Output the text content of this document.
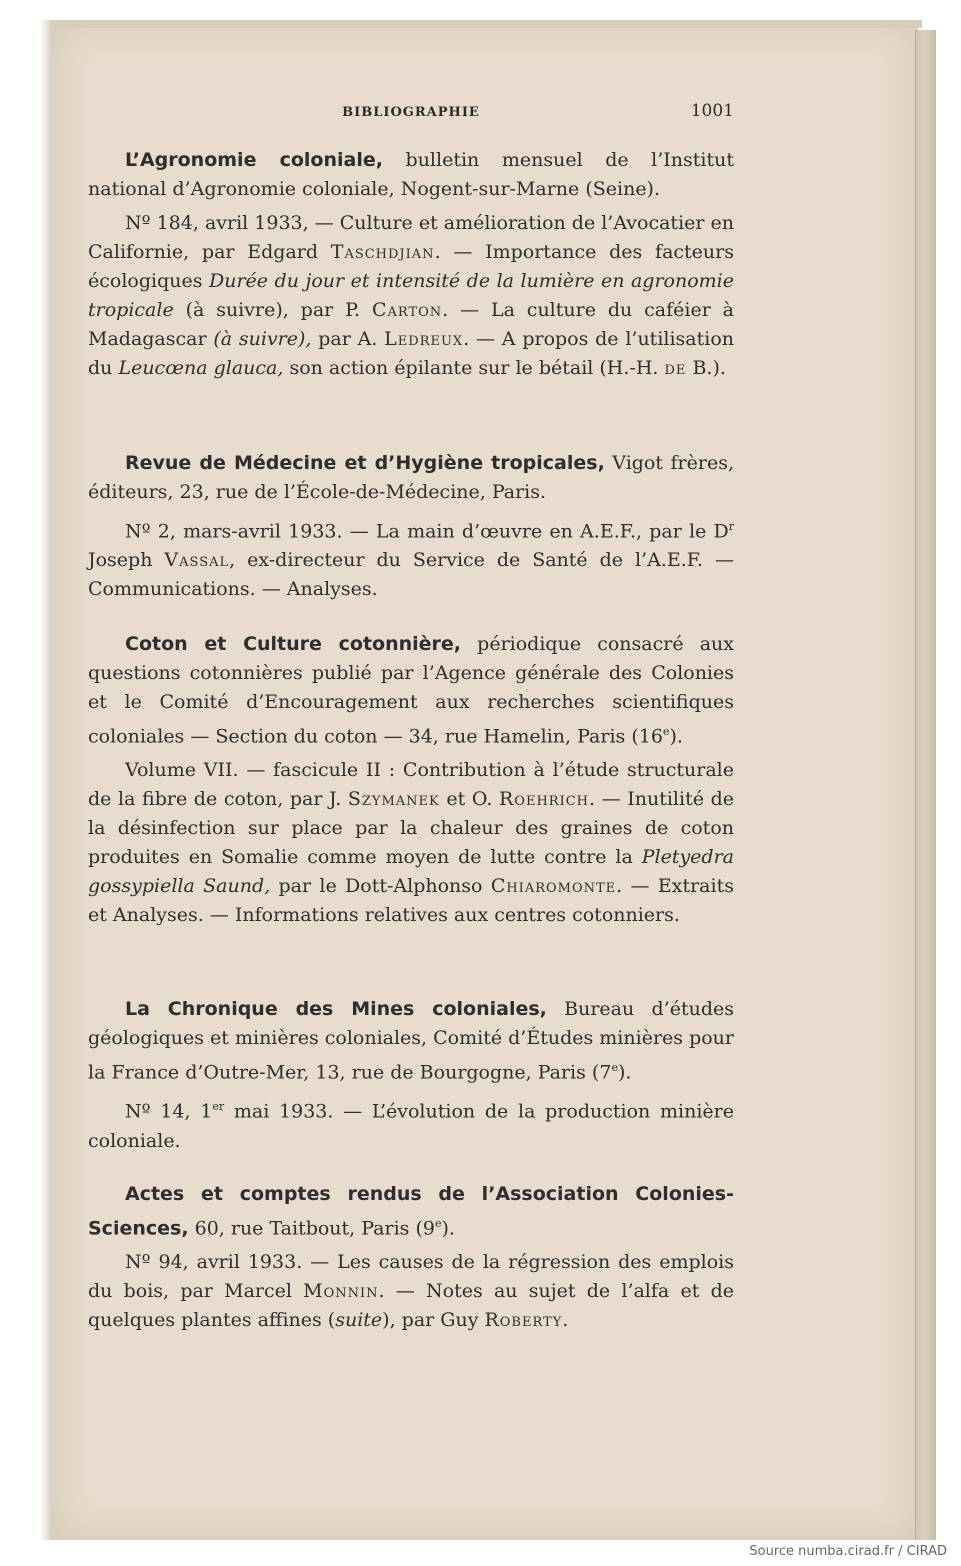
BIBLIOGRAPHIE	1001

L’Agronomie coloniale, bulletin mensuel de l’Institut national d’Agronomie coloniale, Nogent-sur-Marne (Seine).

Nº 184, avril 1933, — Culture et amélioration de l’Avocatier en Californie, par Edgard Taschdjian. — Importance des facteurs écologiques Durée du jour et intensité de la lumière en agronomie tropicale (à suivre), par P. Carton. — La culture du caféier à Madagascar (à suivre), par A. Ledreux. — A propos de l’utilisation du Leucœna glauca, son action épilante sur le bétail (H.-H. de B.).

Revue de Médecine et d’Hygiène tropicales, Vigot frères, éditeurs, 23, rue de l’École-de-Médecine, Paris.

Nº 2, mars-avril 1933. — La main d’œuvre en A.E.F., par le $D^r$ Joseph Vassal, ex-directeur du Service de Santé de l’A.E.F. — Communications. — Analyses.

Coton et Culture cotonnière, périodique consacré aux questions cotonnières publié par l’Agence générale des Colonies et le Comité d’Encouragement aux recherches scientifiques coloniales — Section du coton — 34, rue Hamelin, Paris (16e).

Volume VII. — fascicule II : Contribution à l’étude structurale de la fibre de coton, par J. Szymanek et O. Roehrich. — Inutilité de la désinfection sur place par la chaleur des graines de coton produites en Somalie comme moyen de lutte contre la Pletyedra gossypiella Saund, par le Dott-Alphonso Chiaromonte. — Extraits et Analyses. — Informations relatives aux centres cotonniers.

La Chronique des Mines coloniales, Bureau d’études géologiques et minières coloniales, Comité d’Études minières pour la France d’Outre-Mer, 13, rue de Bourgogne, Paris (7e).

Nº 14, 1er mai 1933. — L’évolution de la production minière coloniale.

Actes et comptes rendus de l’Association Colonies-Sciences, 60, rue Taitbout, Paris (9e).

Nº 94, avril 1933. — Les causes de la régression des emplois du bois, par Marcel Monnin. — Notes au sujet de l’alfa et de quelques plantes affines (suite), par Guy Roberty.

Source numba.cirad.fr / CIRAD
